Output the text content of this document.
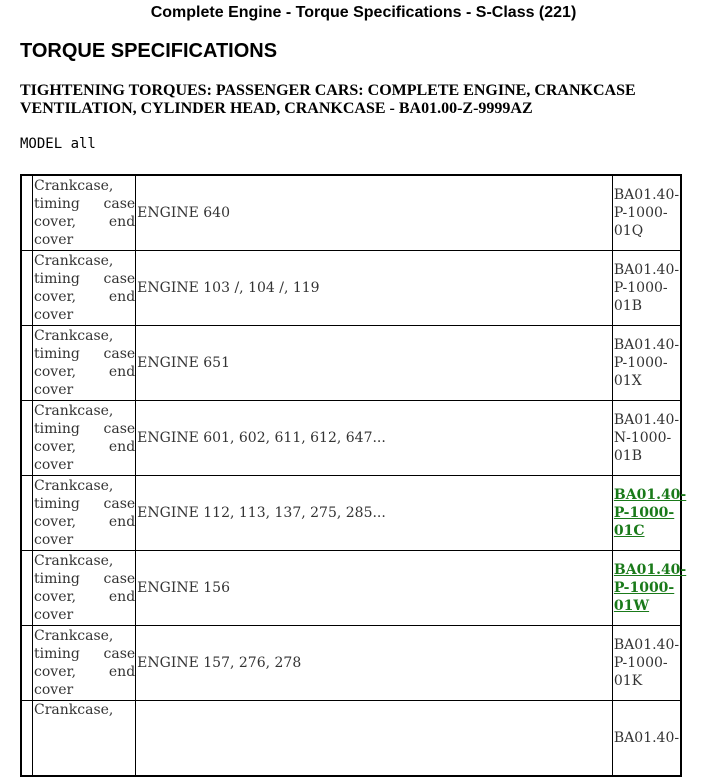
Complete Engine - Torque Specifications - S-Class (221)
TORQUE SPECIFICATIONS
TIGHTENING TORQUES: PASSENGER CARS: COMPLETE ENGINE, CRANKCASE VENTILATION, CYLINDER HEAD, CRANKCASE - BA01.00-Z-9999AZ
MODEL all
	Crankcase, timing case cover, end cover	ENGINE 640	BA01.40-
P-1000-
01Q

	Crankcase, timing case cover, end cover	ENGINE 103 /, 104 /, 119	BA01.40-
P-1000-
01B

	Crankcase, timing case cover, end cover	ENGINE 651	BA01.40-
P-1000-
01X

	Crankcase, timing case cover, end cover	ENGINE 601, 602, 611, 612, 647...	BA01.40-
N-1000-
01B

	Crankcase, timing case cover, end cover	ENGINE 112, 113, 137, 275, 285...	BA01.40-
P-1000-
01C

	Crankcase, timing case cover, end cover	ENGINE 156	BA01.40-
P-1000-
01W

	Crankcase, timing case cover, end cover	ENGINE 157, 276, 278	BA01.40-
P-1000-
01K

	Crankcase,		BA01.40-
